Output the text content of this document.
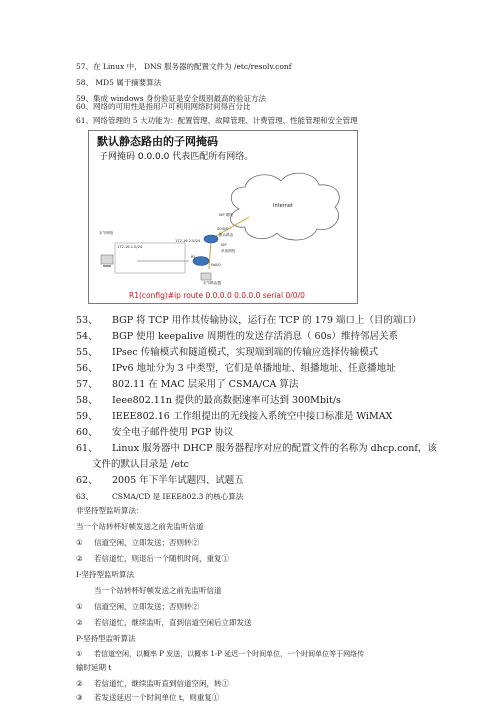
57、在 Linux 中， DNS 服务器的配置文件为 /etc/resolv.conf
58、 MD5 属于摘要算法
59、集成 windows 身份验证是安全级别最高的验证方法
60、网络的可用性是指用户可利用网络时间得百分比
61、网络管理的 5 大功能为：配置管理、故障管理、计费管理、性能管理和安全管理
默认静态路由的子网掩码
子网掩码 0.0.0.0 代表匹配所有网络。
Internet
ISP 网络
S0/0/0
默认路由
172.16.2.0/24
172.16.1.0/24
R1
Fa0/0
末节网络
末节路由器
ISP
单宿网络
R1(config)#ip route 0.0.0.0 0.0.0.0 serial 0/0/0
53、 BGP 将 TCP 用作其传输协议，运行在 TCP 的 179 端口上（目的端口）
54、 BGP 使用 keepalive 周期性的发送存活消息（ 60s）维持邻居关系
55、 IPsec 传输模式和隧道模式，实现端到端的传输应选择传输模式
56、 IPv6 地址分为 3 中类型，它们是单播地址、组播地址、任意播地址
57、 802.11 在 MAC 层采用了 CSMA/CA 算法
58、 Ieee802.11n 提供的最高数据速率可达到 300Mbit/s
59、 IEEE802.16 工作组提出的无线接入系统空中接口标准是 WiMAX
60、 安全电子邮件使用 PGP 协议
61、 Linux 服务器中 DHCP 服务器程序对应的配置文件的名称为 dhcp.conf，该
文件的默认目录是 /etc
62、 2005 年下半年试题四、试题五
63、	CSMA/CD 是 IEEE802.3 的核心算法
非坚持型监听算法：
当一个站转杯好帧发送之前先监听信道
① 信道空闲，立即发送；否则转②
② 若信道忙，则退后一个随机时间，重复①
I-坚持型监听算法
当一个站转杯好帧发送之前先监听信道
① 信道空闲，立即发送；否则转②
② 若信道忙，继续监听，直到信道空闲后立即发送
P-坚持型监听算法
① 若信道空闲，以概率 P 发送，以概率 1-P 延迟一个时间单位，一个时间单位等于网络传
输时延期 t
② 若信道忙，继续监听直到信道空闲，转①
③ 若发送延迟一个时间单位 t，则重复①
